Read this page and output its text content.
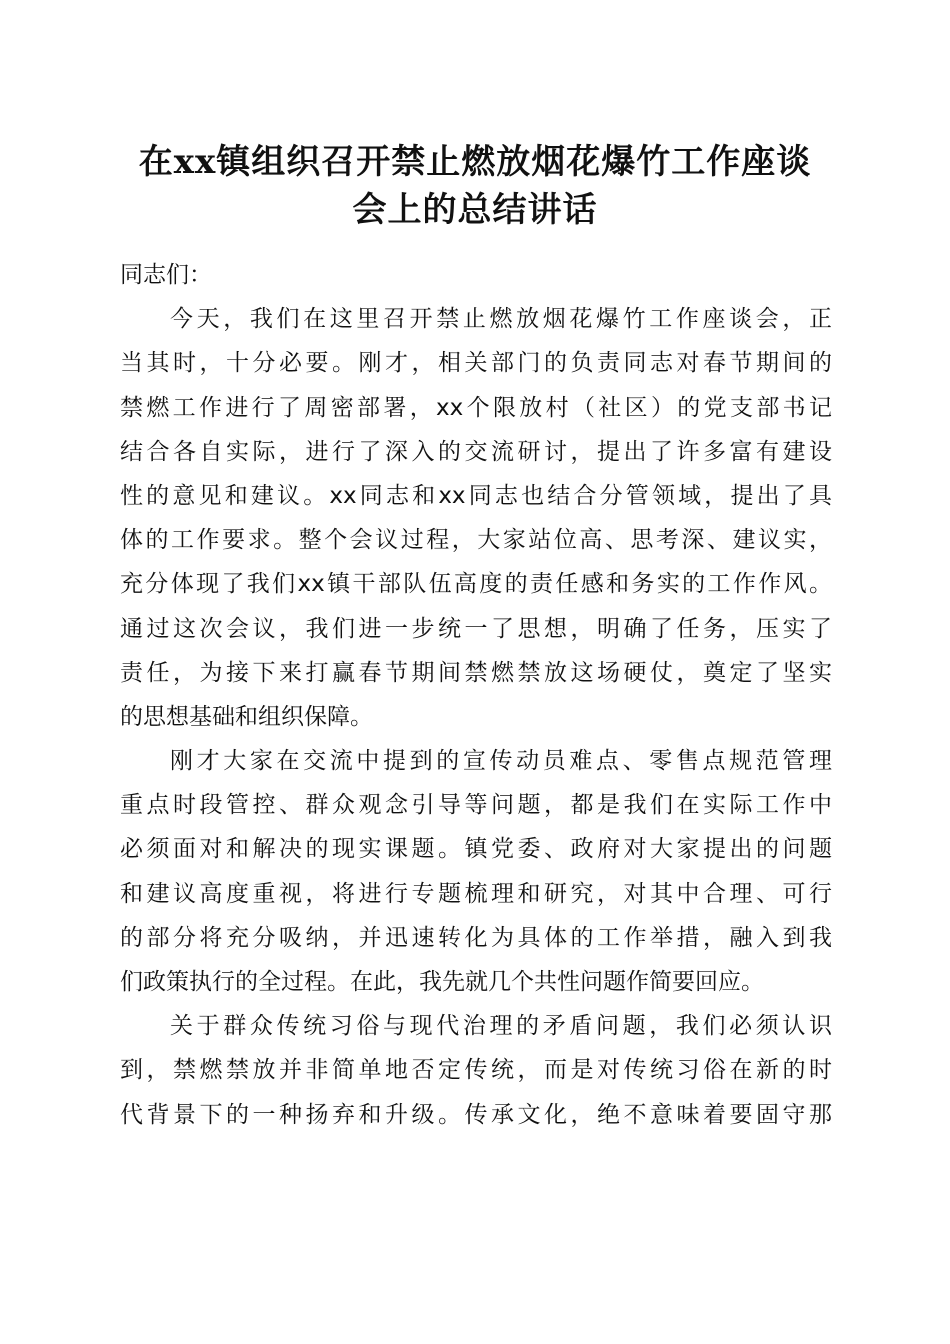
在xx镇组织召开禁止燃放烟花爆竹工作座谈
会上的总结讲话

同志们：

今天，我们在这里召开禁止燃放烟花爆竹工作座谈会，正
当其时，十分必要。刚才，相关部门的负责同志对春节期间的
禁燃工作进行了周密部署，xx个限放村（社区）的党支部书记
结合各自实际，进行了深入的交流研讨，提出了许多富有建设
性的意见和建议。xx同志和xx同志也结合分管领域，提出了具
体的工作要求。整个会议过程，大家站位高、思考深、建议实，
充分体现了我们xx镇干部队伍高度的责任感和务实的工作作风。
通过这次会议，我们进一步统一了思想，明确了任务，压实了
责任，为接下来打赢春节期间禁燃禁放这场硬仗，奠定了坚实
的思想基础和组织保障。
刚才大家在交流中提到的宣传动员难点、零售点规范管理
重点时段管控、群众观念引导等问题，都是我们在实际工作中
必须面对和解决的现实课题。镇党委、政府对大家提出的问题
和建议高度重视，将进行专题梳理和研究，对其中合理、可行
的部分将充分吸纳，并迅速转化为具体的工作举措，融入到我
们政策执行的全过程。在此，我先就几个共性问题作简要回应。
关于群众传统习俗与现代治理的矛盾问题，我们必须认识
到，禁燃禁放并非简单地否定传统，而是对传统习俗在新的时
代背景下的一种扬弃和升级。传承文化，绝不意味着要固守那
